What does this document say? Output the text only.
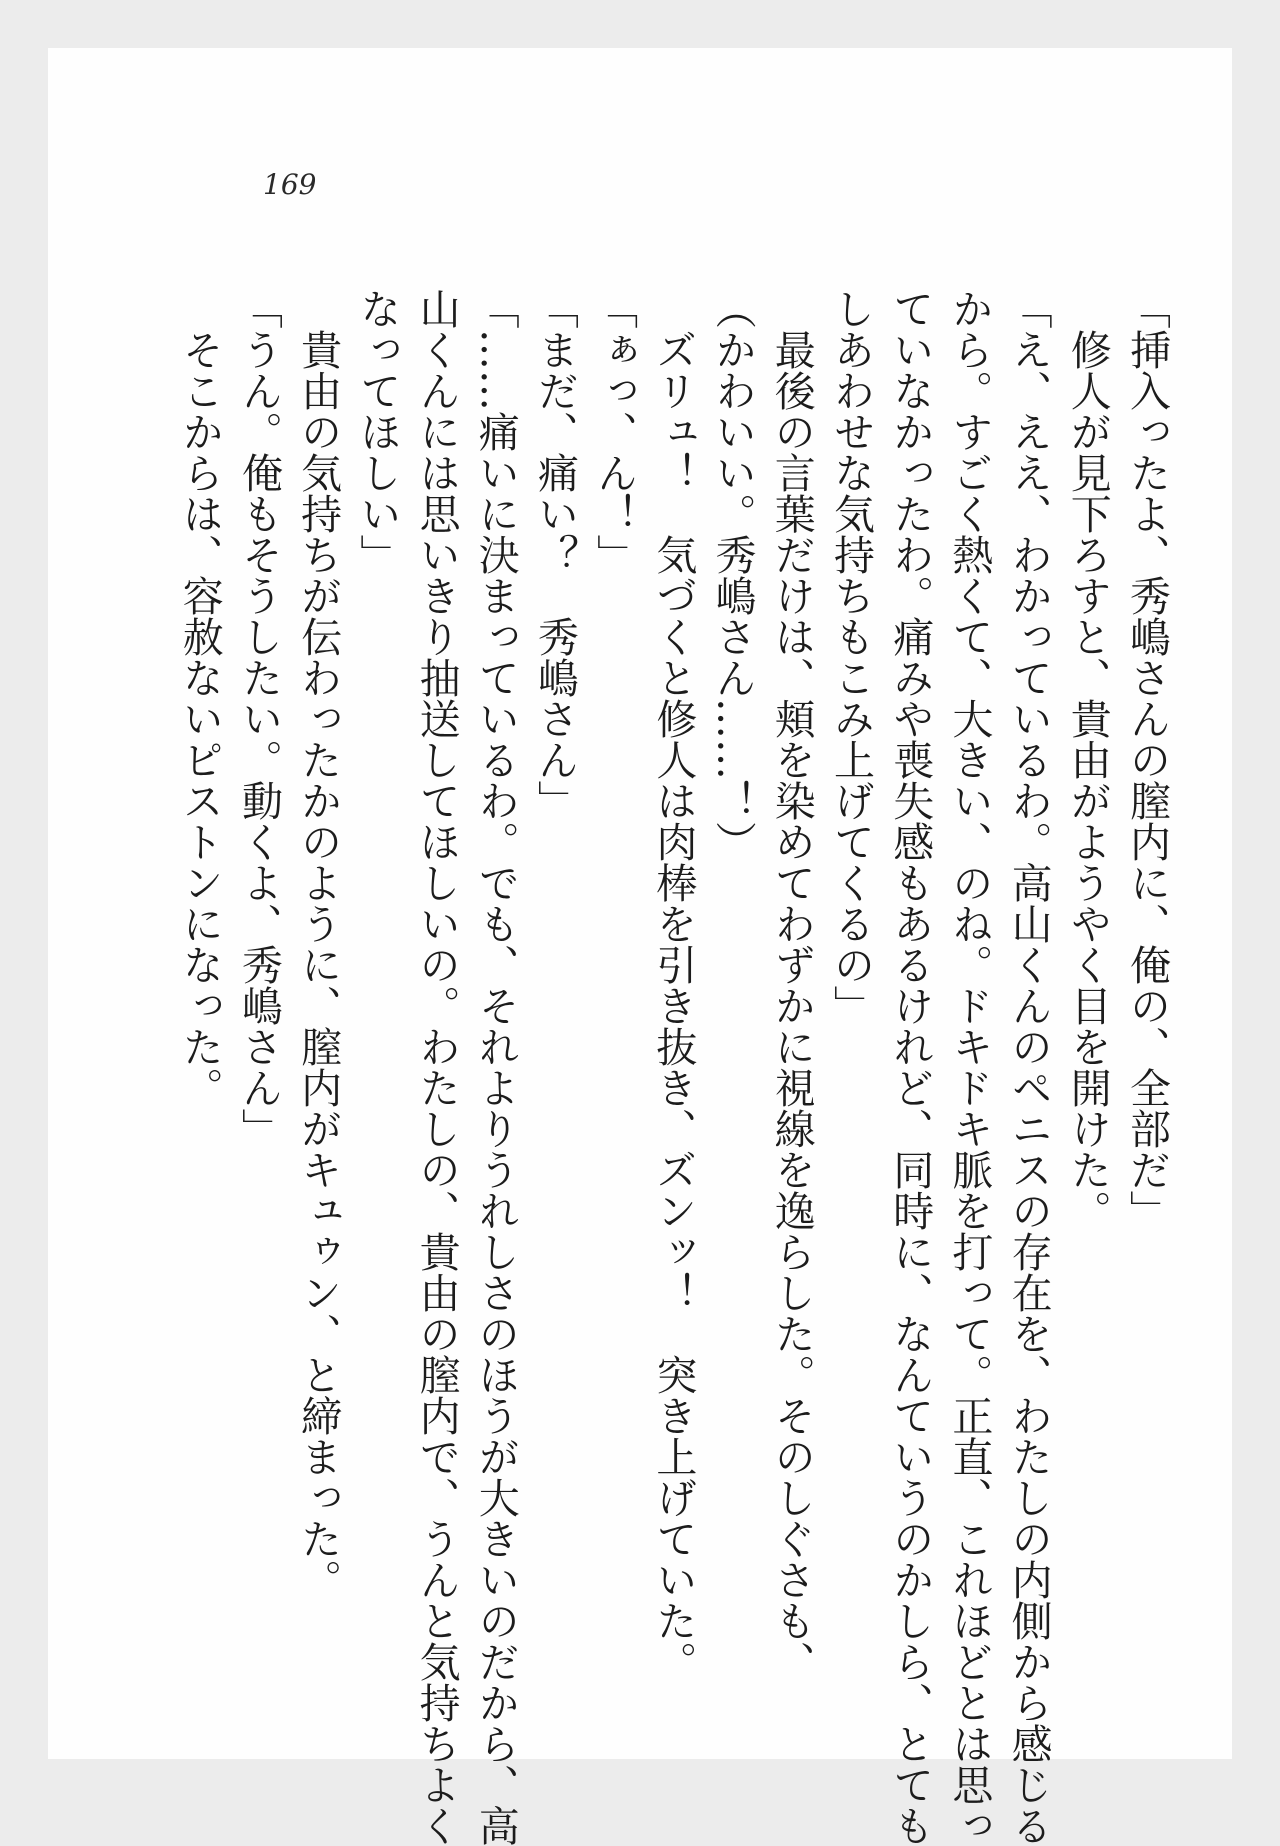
169

「挿入ったよ、秀嶋さんの膣内に、俺の、全部だ」
修人が見下ろすと、貴由がようやく目を開けた。
「え、ええ、わかっているわ。高山くんのペニスの存在を、わたしの内側から感じる
から。すごく熱くて、大きい、のね。ドキドキ脈を打って。正直、これほどとは思っ
ていなかったわ。痛みや喪失感もあるけれど、同時に、なんていうのかしら、とても
しあわせな気持ちもこみ上げてくるの」
最後の言葉だけは、頬を染めてわずかに視線を逸らした。そのしぐさも、
（かわいい。秀嶋さん……！）
ズリュ！　気づくと修人は肉棒を引き抜き、ズンッ！　突き上げていた。
「ぁっ、ん！」
「まだ、痛い？　秀嶋さん」
「……痛いに決まっているわ。でも、それよりうれしさのほうが大きいのだから、高
山くんには思いきり抽送してほしいの。わたしの、貴由の膣内で、うんと気持ちよく
なってほしい」
貴由の気持ちが伝わったかのように、膣内がキュゥン、と締まった。
「うん。俺もそうしたい。動くよ、秀嶋さん」
そこからは、容赦ないピストンになった。
